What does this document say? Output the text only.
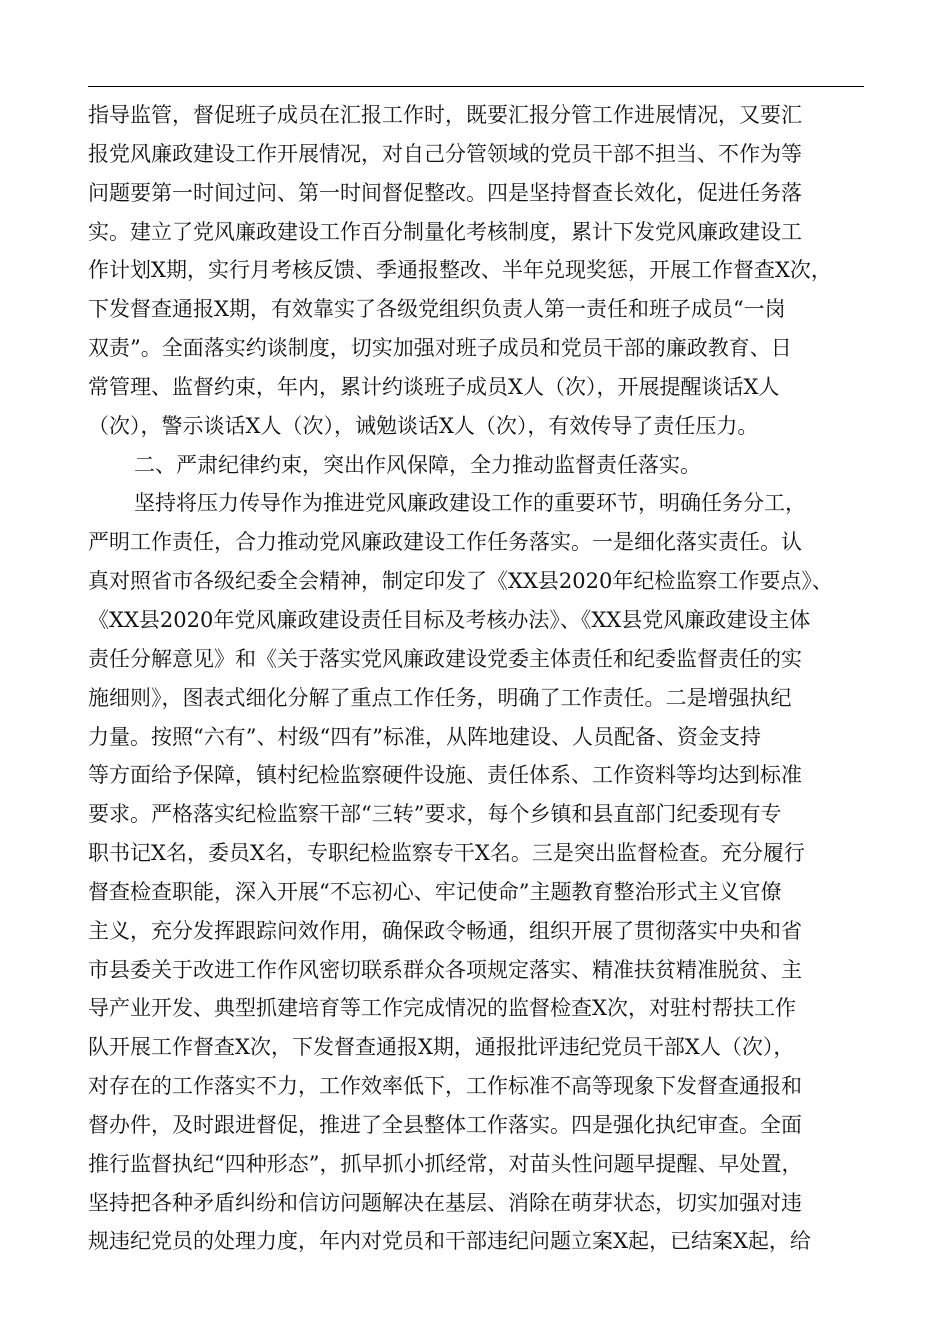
指导监管，督促班子成员在汇报工作时，既要汇报分管工作进展情况，又要汇
报党风廉政建设工作开展情况，对自己分管领域的党员干部不担当、不作为等
问题要第一时间过问、第一时间督促整改。四是坚持督查长效化，促进任务落
实。建立了党风廉政建设工作百分制量化考核制度，累计下发党风廉政建设工
作计划X期，实行月考核反馈、季通报整改、半年兑现奖惩，开展工作督查X次，
下发督查通报X期，有效靠实了各级党组织负责人第一责任和班子成员“一岗
双责”。全面落实约谈制度，切实加强对班子成员和党员干部的廉政教育、日
常管理、监督约束，年内，累计约谈班子成员X人（次），开展提醒谈话X人
（次），警示谈话X人（次），诫勉谈话X人（次），有效传导了责任压力。
二、严肃纪律约束，突出作风保障，全力推动监督责任落实。
坚持将压力传导作为推进党风廉政建设工作的重要环节，明确任务分工，
严明工作责任，合力推动党风廉政建设工作任务落实。一是细化落实责任。认
真对照省市各级纪委全会精神，制定印发了《XX县2020年纪检监察工作要点》、
《XX县2020年党风廉政建设责任目标及考核办法》、《XX县党风廉政建设主体
责任分解意见》和《关于落实党风廉政建设党委主体责任和纪委监督责任的实
施细则》，图表式细化分解了重点工作任务，明确了工作责任。二是增强执纪
力量。按照“六有”、村级“四有”标准，从阵地建设、人员配备、资金支持
等方面给予保障，镇村纪检监察硬件设施、责任体系、工作资料等均达到标准
要求。严格落实纪检监察干部“三转”要求，每个乡镇和县直部门纪委现有专
职书记X名，委员X名，专职纪检监察专干X名。三是突出监督检查。充分履行
督查检查职能，深入开展“不忘初心、牢记使命”主题教育整治形式主义官僚
主义，充分发挥跟踪问效作用，确保政令畅通，组织开展了贯彻落实中央和省
市县委关于改进工作作风密切联系群众各项规定落实、精准扶贫精准脱贫、主
导产业开发、典型抓建培育等工作完成情况的监督检查X次，对驻村帮扶工作
队开展工作督查X次，下发督查通报X期，通报批评违纪党员干部X人（次），
对存在的工作落实不力，工作效率低下，工作标准不高等现象下发督查通报和
督办件，及时跟进督促，推进了全县整体工作落实。四是强化执纪审查。全面
推行监督执纪“四种形态”，抓早抓小抓经常，对苗头性问题早提醒、早处置，
坚持把各种矛盾纠纷和信访问题解决在基层、消除在萌芽状态，切实加强对违
规违纪党员的处理力度，年内对党员和干部违纪问题立案X起，已结案X起，给
